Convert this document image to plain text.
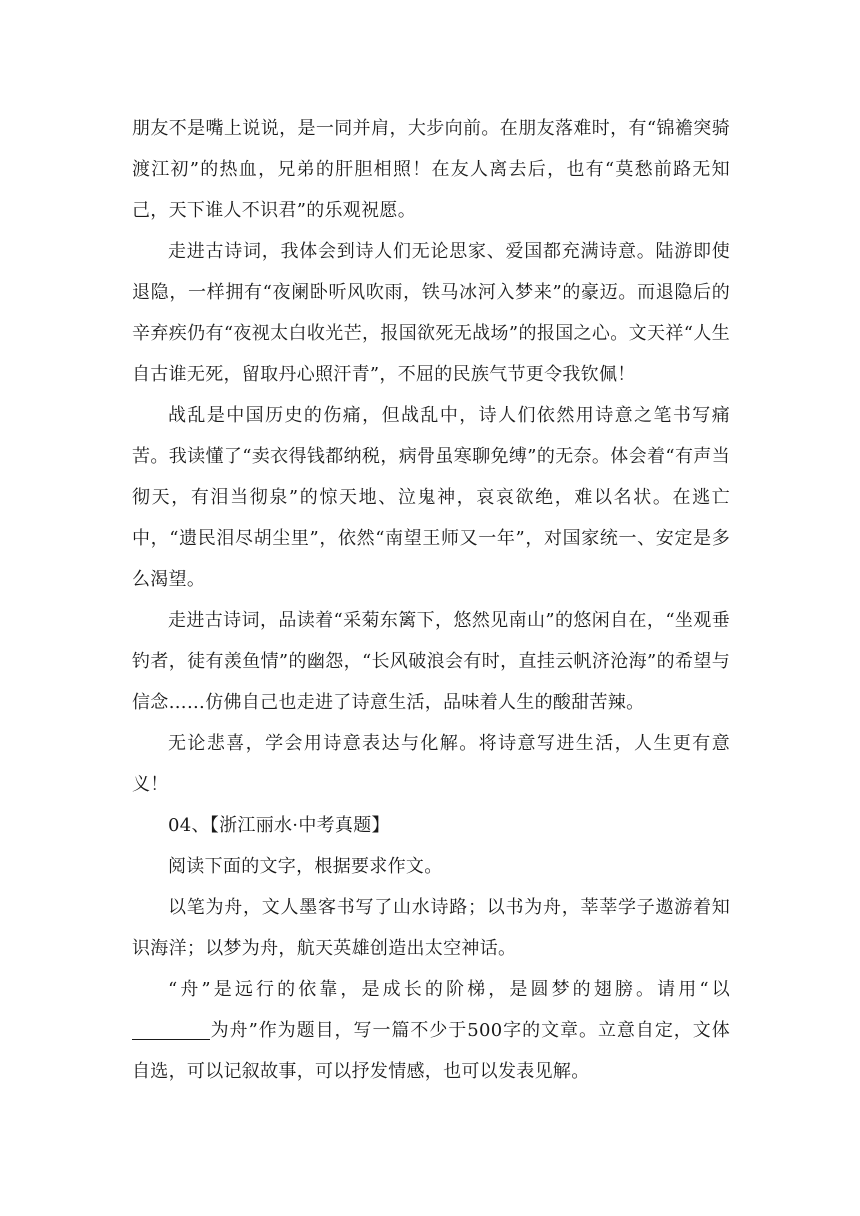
朋友不是嘴上说说，是一同并肩，大步向前。在朋友落难时，有“锦襜突骑渡江初”的热血，兄弟的肝胆相照！在友人离去后，也有“莫愁前路无知己，天下谁人不识君”的乐观祝愿。

走进古诗词，我体会到诗人们无论思家、爱国都充满诗意。陆游即使退隐，一样拥有“夜阑卧听风吹雨，铁马冰河入梦来”的豪迈。而退隐后的辛弃疾仍有“夜视太白收光芒，报国欲死无战场”的报国之心。文天祥“人生自古谁无死，留取丹心照汗青”，不屈的民族气节更令我钦佩！

战乱是中国历史的伤痛，但战乱中，诗人们依然用诗意之笔书写痛苦。我读懂了“卖衣得钱都纳税，病骨虽寒聊免缚”的无奈。体会着“有声当彻天，有泪当彻泉”的惊天地、泣鬼神，哀哀欲绝，难以名状。在逃亡中，“遗民泪尽胡尘里”，依然“南望王师又一年”，对国家统一、安定是多么渴望。

走进古诗词，品读着“采菊东篱下，悠然见南山”的悠闲自在，“坐观垂钓者，徒有羡鱼情”的幽怨，“长风破浪会有时，直挂云帆济沧海”的希望与信念……仿佛自己也走进了诗意生活，品味着人生的酸甜苦辣。

无论悲喜，学会用诗意表达与化解。将诗意写进生活，人生更有意义！

04、【浙江丽水·中考真题】

阅读下面的文字，根据要求作文。

以笔为舟，文人墨客书写了山水诗路；以书为舟，莘莘学子遨游着知识海洋；以梦为舟，航天英雄创造出太空神话。

“舟”是远行的依靠，是成长的阶梯，是圆梦的翅膀。请用“以为舟”作为题目，写一篇不少于500字的文章。立意自定，文体自选，可以记叙故事，可以抒发情感，也可以发表见解。
